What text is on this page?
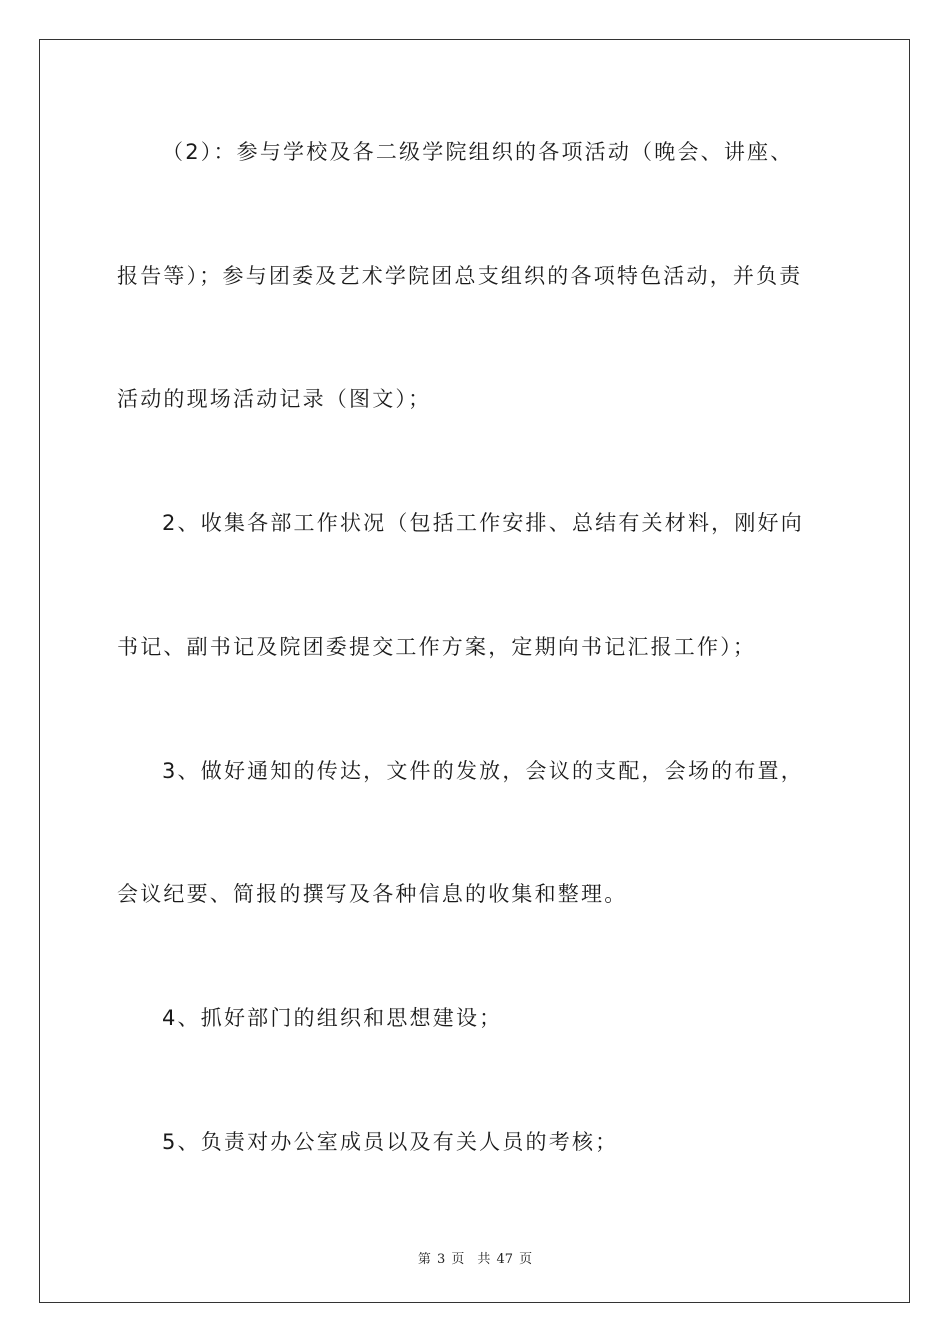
（2）：参与学校及各二级学院组织的各项活动（晚会、讲座、
报告等）；参与团委及艺术学院团总支组织的各项特色活动，并负责
活动的现场活动记录（图文）；
2、收集各部工作状况（包括工作安排、总结有关材料，刚好向
书记、副书记及院团委提交工作方案，定期向书记汇报工作）；
3、做好通知的传达，文件的发放，会议的支配，会场的布置，
会议纪要、简报的撰写及各种信息的收集和整理。
4、抓好部门的组织和思想建设；
5、负责对办公室成员以及有关人员的考核；
第 3 页　共 47 页
